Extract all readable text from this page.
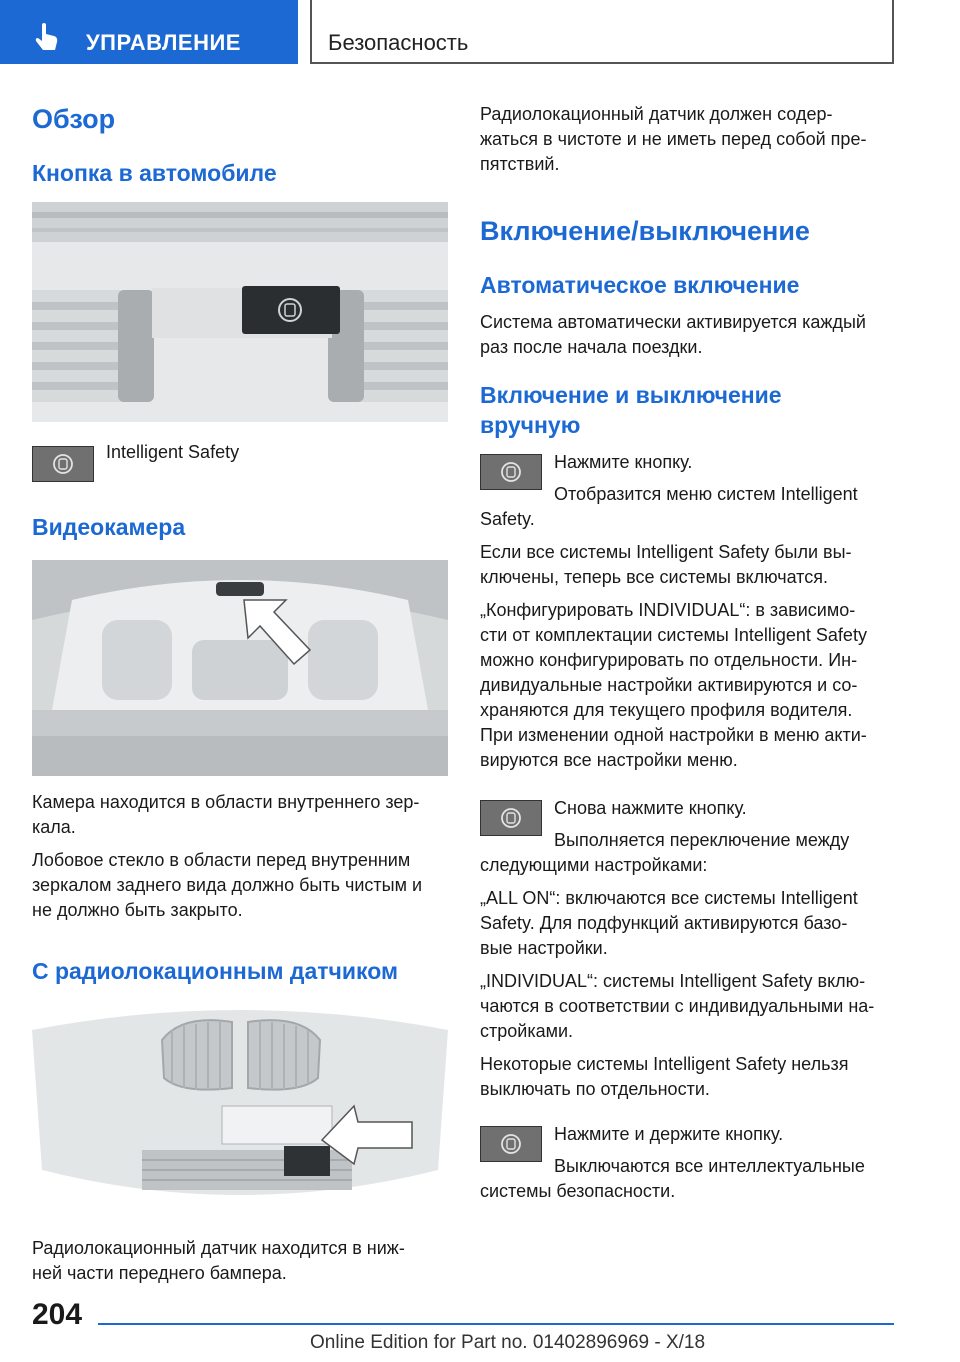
УПРАВЛЕНИЕ	Безопасность
Обзор
Кнопка в автомобиле

Intelligent Safety

Видеокамера

Камера находится в области внутреннего зер-

кала.

Лобовое стекло в области перед внутренним

зеркалом заднего вида должно быть чистым и

не должно быть закрыто.

С радиолокационным датчиком

Радиолокационный датчик находится в ниж-

ней части переднего бампера.

Радиолокационный датчик должен содер-

жаться в чистоте и не иметь перед собой пре-

пятствий.

Включение/выключение
Автоматическое включение

Система автоматически активируется каждый

раз после начала поездки.

Включение и выключение
вручную

Нажмите кнопку.

Отобразится меню систем Intelligent

Safety.

Если все системы Intelligent Safety были вы-

ключены, теперь все системы включатся.

„Конфигурировать INDIVIDUAL“: в зависимо-

сти от комплектации системы Intelligent Safety

можно конфигурировать по отдельности. Ин-

дивидуальные настройки активируются и со-

храняются для текущего профиля водителя.

При изменении одной настройки в меню акти-

вируются все настройки меню.

Снова нажмите кнопку.

Выполняется переключение между

следующими настройками:

„ALL ON“: включаются все системы Intelligent

Safety. Для подфункций активируются базо-

вые настройки.

„INDIVIDUAL“: системы Intelligent Safety вклю-

чаются в соответствии с индивидуальными на-

стройками.

Некоторые системы Intelligent Safety нельзя

выключать по отдельности.

Нажмите и держите кнопку.

Выключаются все интеллектуальные

системы безопасности.

204
Online Edition for Part no. 01402896969 - X/18
